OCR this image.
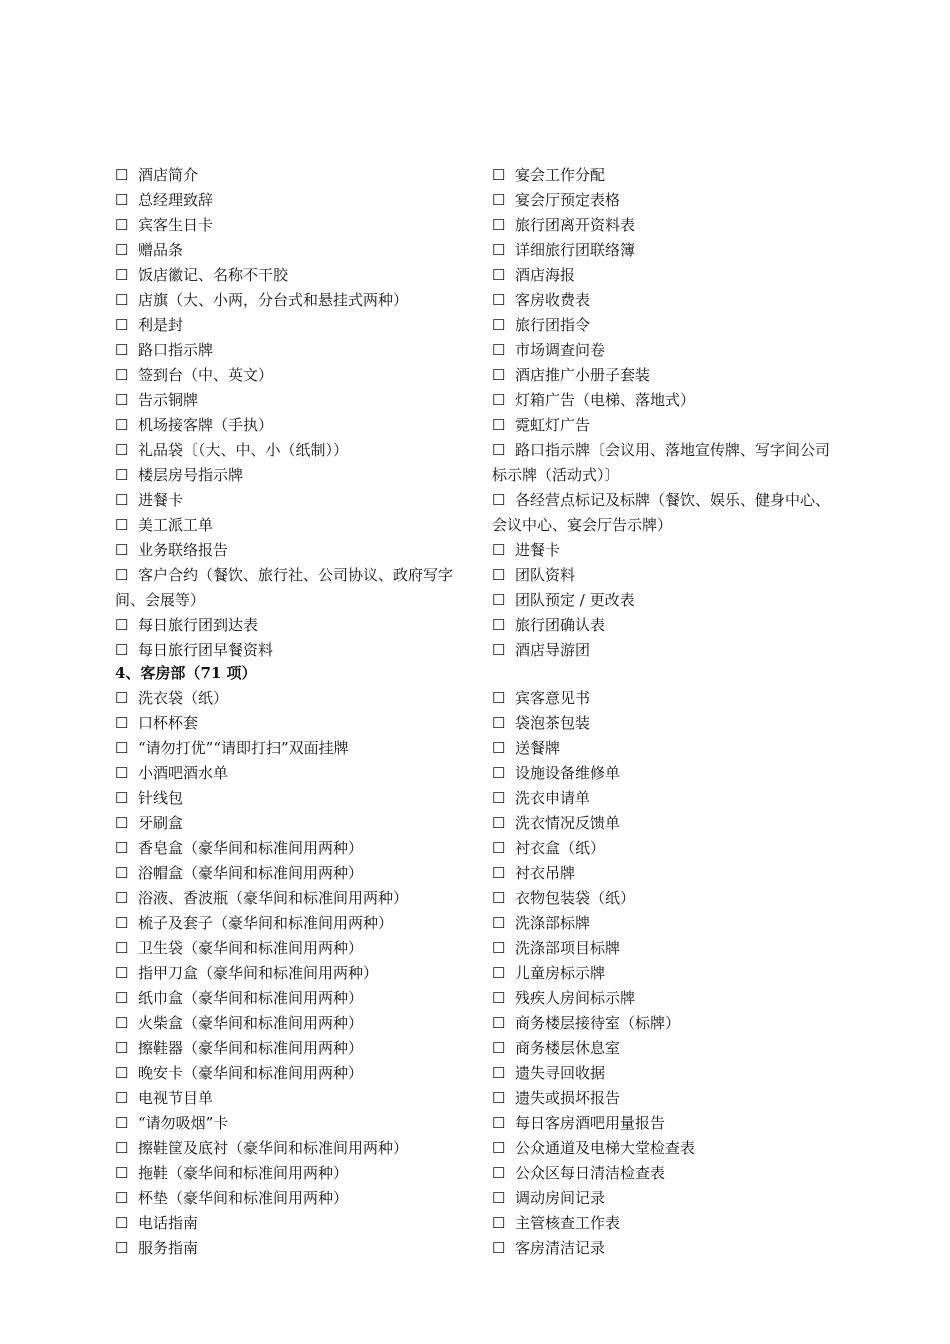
☐ 酒店简介
☐ 总经理致辞
☐ 宾客生日卡
☐ 赠品条
☐ 饭店徽记、名称不干胶
☐ 店旗（大、小两，分台式和悬挂式两种）
☐ 利是封
☐ 路口指示牌
☐ 签到台（中、英文）
☐ 告示铜牌
☐ 机场接客牌（手执）
☐ 礼品袋〔（大、中、小（纸制））
☐ 楼层房号指示牌
☐ 进餐卡
☐ 美工派工单
☐ 业务联络报告
☐ 客户合约（餐饮、旅行社、公司协议、政府写字间、会展等）
☐ 每日旅行团到达表
☐ 每日旅行团早餐资料
☐ 宴会工作分配
☐ 宴会厅预定表格
☐ 旅行团离开资料表
☐ 详细旅行团联络簿
☐ 酒店海报
☐ 客房收费表
☐ 旅行团指令
☐ 市场调查问卷
☐ 酒店推广小册子套装
☐ 灯箱广告（电梯、落地式）
☐ 霓虹灯广告
☐ 路口指示牌〔会议用、落地宣传牌、写字间公司标示牌（活动式）〕
☐ 各经营点标记及标牌（餐饮、娱乐、健身中心、会议中心、宴会厅告示牌）
☐ 进餐卡
☐ 团队资料
☐ 团队预定 / 更改表
☐ 旅行团确认表
☐ 酒店导游团
4、客房部（71 项）
☐ 洗衣袋（纸）
☐ 口杯杯套
☐ “请勿打优”“请即打扫”双面挂牌
☐ 小酒吧酒水单
☐ 针线包
☐ 牙刷盒
☐ 香皂盒（豪华间和标准间用两种）
☐ 浴帽盒（豪华间和标准间用两种）
☐ 浴液、香波瓶（豪华间和标准间用两种）
☐ 梳子及套子（豪华间和标准间用两种）
☐ 卫生袋（豪华间和标准间用两种）
☐ 指甲刀盒（豪华间和标准间用两种）
☐ 纸巾盒（豪华间和标准间用两种）
☐ 火柴盒（豪华间和标准间用两种）
☐ 擦鞋器（豪华间和标准间用两种）
☐ 晚安卡（豪华间和标准间用两种）
☐ 电视节目单
☐ “请勿吸烟”卡
☐ 擦鞋筐及底衬（豪华间和标准间用两种）
☐ 拖鞋（豪华间和标准间用两种）
☐ 杯垫（豪华间和标准间用两种）
☐ 电话指南
☐ 服务指南
☐ 宾客意见书
☐ 袋泡茶包装
☐ 送餐牌
☐ 设施设备维修单
☐ 洗衣申请单
☐ 洗衣情况反馈单
☐ 衬衣盒（纸）
☐ 衬衣吊牌
☐ 衣物包装袋（纸）
☐ 洗涤部标牌
☐ 洗涤部项目标牌
☐ 儿童房标示牌
☐ 残疾人房间标示牌
☐ 商务楼层接待室（标牌）
☐ 商务楼层休息室
☐ 遗失寻回收据
☐ 遗失或损坏报告
☐ 每日客房酒吧用量报告
☐ 公众通道及电梯大堂检查表
☐ 公众区每日清洁检查表
☐ 调动房间记录
☐ 主管核查工作表
☐ 客房清洁记录
